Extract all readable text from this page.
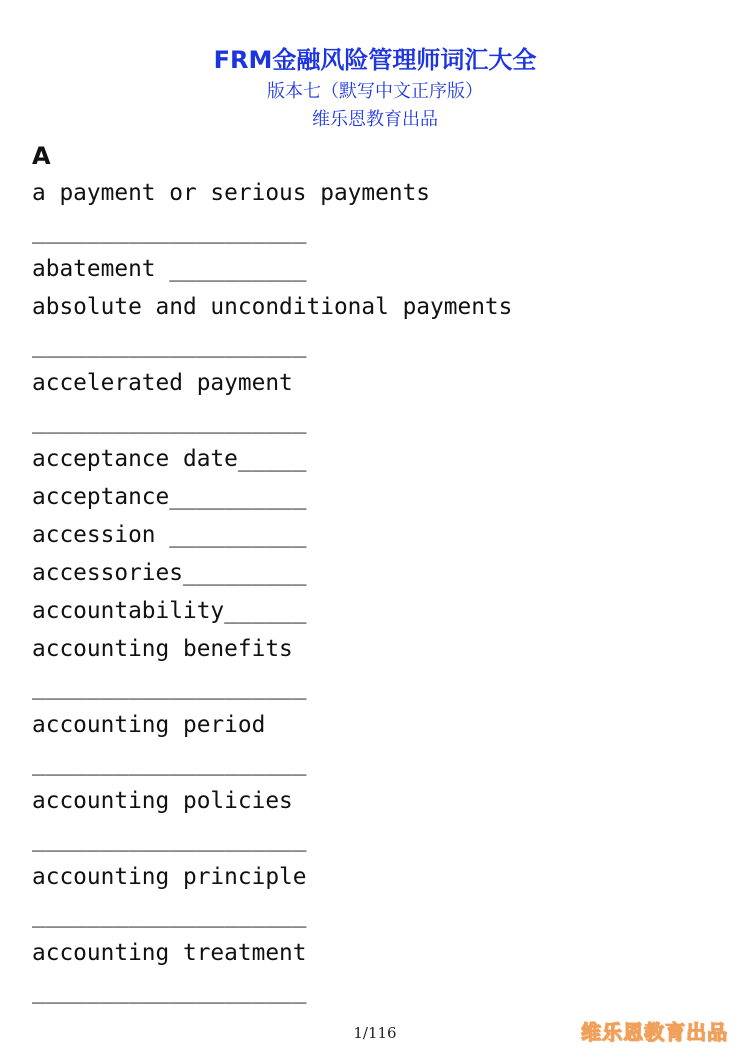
FRM金融风险管理师词汇大全
版本七（默写中文正序版）
维乐恩教育出品
A
a payment or serious payments
____________________
abatement __________
absolute and unconditional payments
____________________
accelerated payment
____________________
acceptance date_____
acceptance__________
accession __________
accessories_________
accountability______
accounting benefits
____________________
accounting period
____________________
accounting policies
____________________
accounting principle
____________________
accounting treatment
____________________
1/116	维乐恩教育出品
